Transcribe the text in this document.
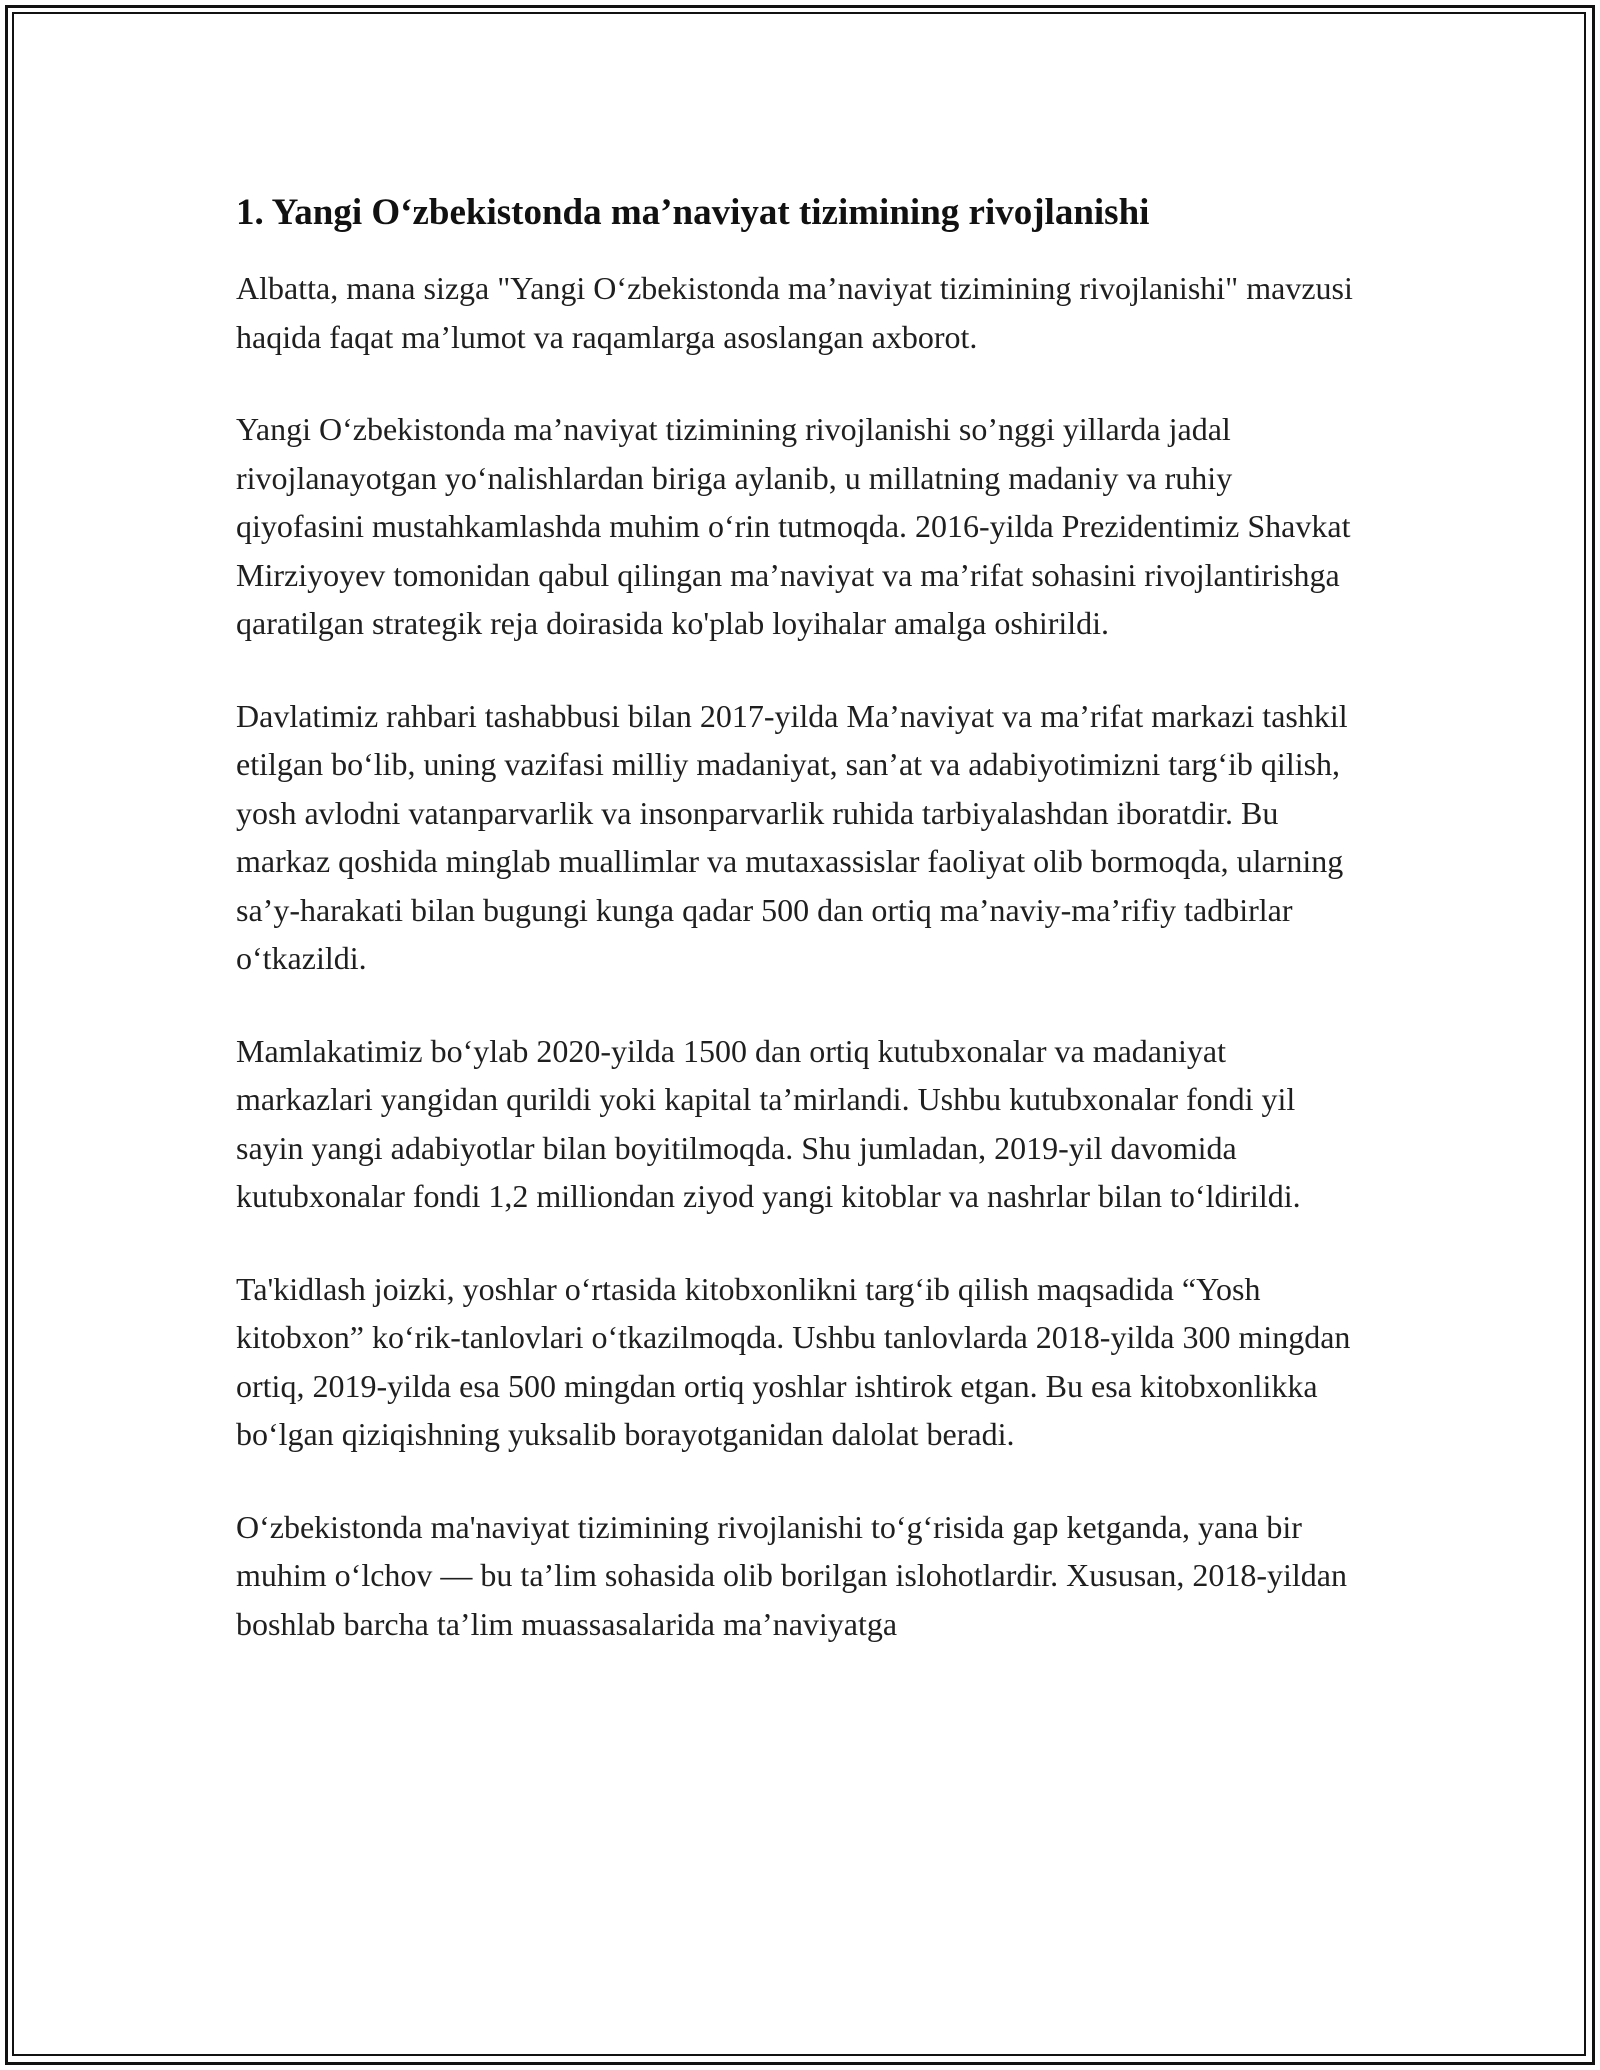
1. Yangi O‘zbekistonda ma’naviyat tizimining rivojlanishi

Albatta, mana sizga "Yangi O‘zbekistonda ma’naviyat tizimining rivojlanishi" mavzusi haqida faqat ma’lumot va raqamlarga asoslangan axborot.

Yangi O‘zbekistonda ma’naviyat tizimining rivojlanishi so’nggi yillarda jadal rivojlanayotgan yo‘nalishlardan biriga aylanib, u millatning madaniy va ruhiy qiyofasini mustahkamlashda muhim o‘rin tutmoqda. 2016-yilda Prezidentimiz Shavkat Mirziyoyev tomonidan qabul qilingan ma’naviyat va ma’rifat sohasini rivojlantirishga qaratilgan strategik reja doirasida ko'plab loyihalar amalga oshirildi.

Davlatimiz rahbari tashabbusi bilan 2017-yilda Ma’naviyat va ma’rifat markazi tashkil etilgan bo‘lib, uning vazifasi milliy madaniyat, san’at va adabiyotimizni targ‘ib qilish, yosh avlodni vatanparvarlik va insonparvarlik ruhida tarbiyalashdan iboratdir. Bu markaz qoshida minglab muallimlar va mutaxassislar faoliyat olib bormoqda, ularning sa’y-harakati bilan bugungi kunga qadar 500 dan ortiq ma’naviy-ma’rifiy tadbirlar o‘tkazildi.

Mamlakatimiz bo‘ylab 2020-yilda 1500 dan ortiq kutubxonalar va madaniyat markazlari yangidan qurildi yoki kapital ta’mirlandi. Ushbu kutubxonalar fondi yil sayin yangi adabiyotlar bilan boyitilmoqda. Shu jumladan, 2019-yil davomida kutubxonalar fondi 1,2 milliondan ziyod yangi kitoblar va nashrlar bilan to‘ldirildi.

Ta'kidlash joizki, yoshlar o‘rtasida kitobxonlikni targ‘ib qilish maqsadida “Yosh kitobxon” ko‘rik-tanlovlari o‘tkazilmoqda. Ushbu tanlovlarda 2018-yilda 300 mingdan ortiq, 2019-yilda esa 500 mingdan ortiq yoshlar ishtirok etgan. Bu esa kitobxonlikka bo‘lgan qiziqishning yuksalib borayotganidan dalolat beradi.

O‘zbekistonda ma'naviyat tizimining rivojlanishi to‘g‘risida gap ketganda, yana bir muhim o‘lchov — bu ta’lim sohasida olib borilgan islohotlardir. Xususan, 2018-yildan boshlab barcha ta’lim muassasalarida ma’naviyatga
